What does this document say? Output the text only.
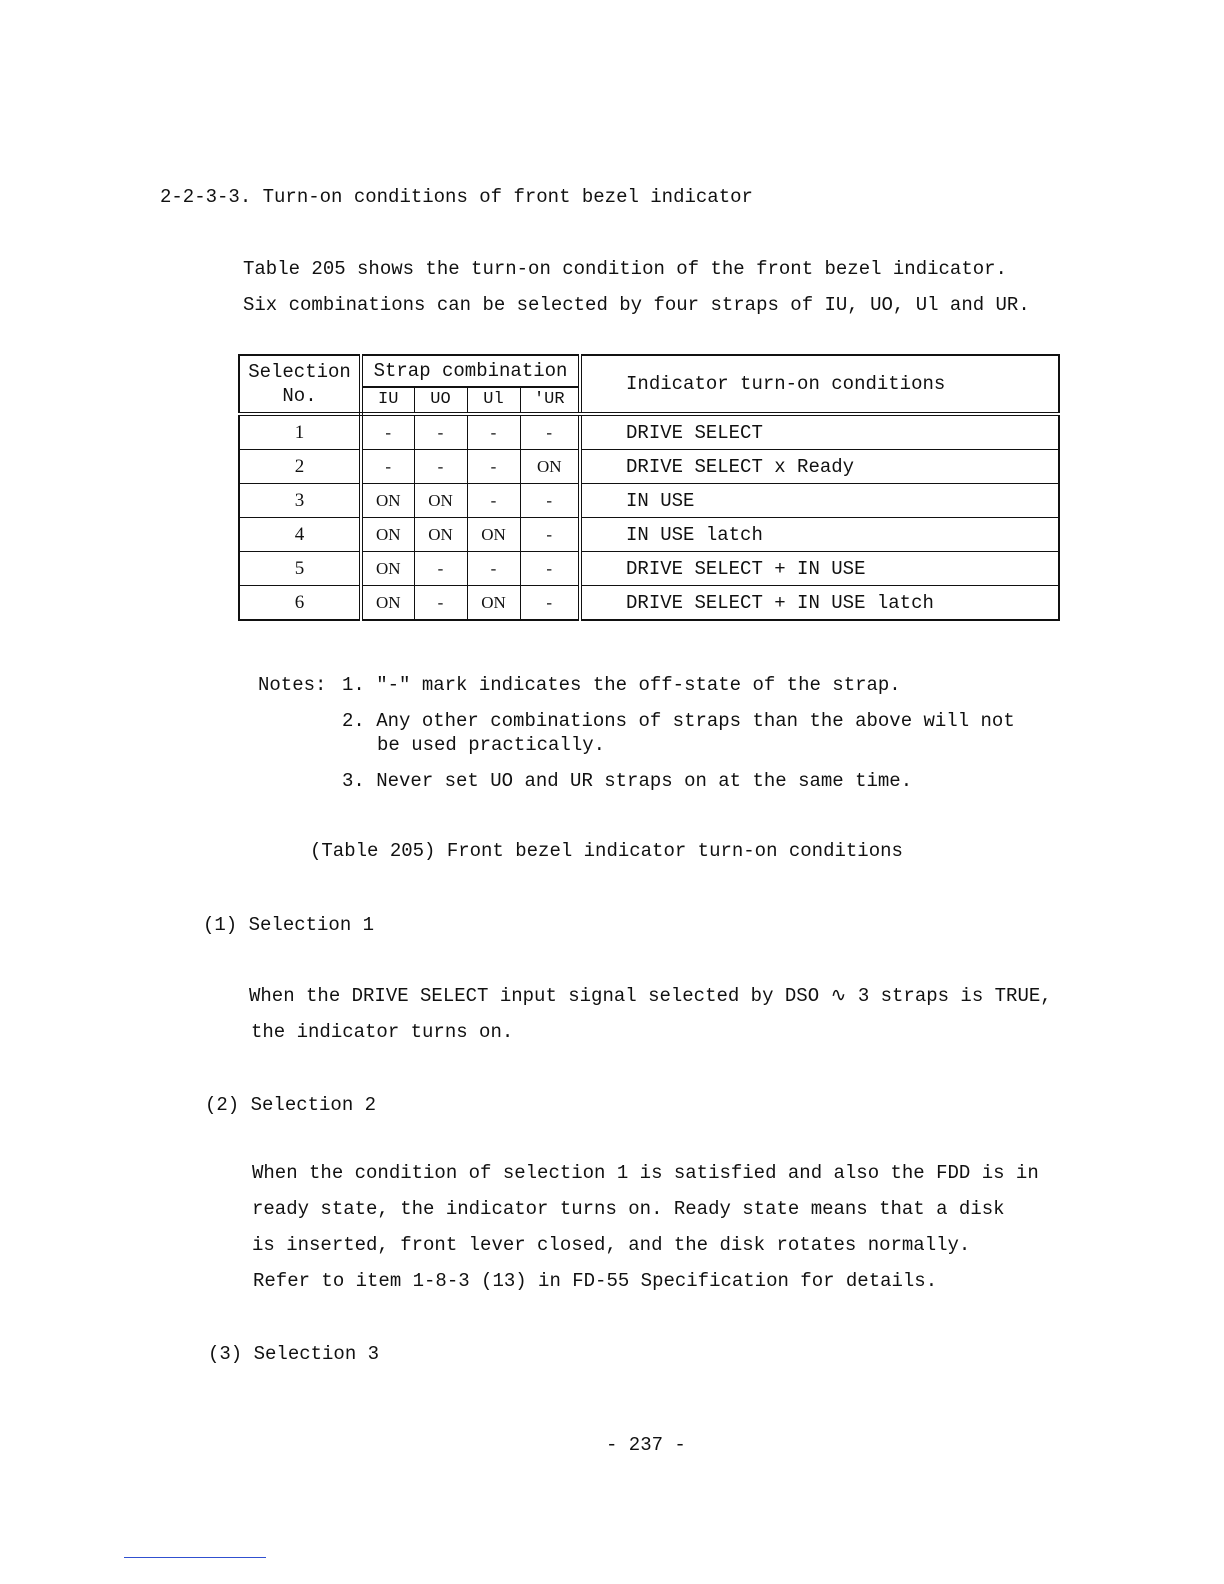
2-2-3-3. Turn-on conditions of front bezel indicator
Table 205 shows the turn-on condition of the front bezel indicator.
Six combinations can be selected by four straps of IU, UO, Ul and UR.
Selection
No.	Strap combination				Indicator turn-on conditions
	IU	UO	Ul	'UR	
1	-	-	-	-	DRIVE SELECT
2	-	-	-	ON	DRIVE SELECT x Ready
3	ON	ON	-	-	IN USE
4	ON	ON	ON	-	IN USE latch
5	ON	-	-	-	DRIVE SELECT + IN USE
6	ON	-	ON	-	DRIVE SELECT + IN USE latch
Notes: 1. "-" mark indicates the off-state of the strap.
2. Any other combinations of straps than the above will not
be used practically.
3. Never set UO and UR straps on at the same time.
(Table 205) Front bezel indicator turn-on conditions
(1) Selection 1
When the DRIVE SELECT input signal selected by DSO ∿ 3 straps is TRUE,
the indicator turns on.
(2) Selection 2
When the condition of selection 1 is satisfied and also the FDD is in
ready state, the indicator turns on. Ready state means that a disk
is inserted, front lever closed, and the disk rotates normally.
Refer to item 1-8-3 (13) in FD-55 Specification for details.
(3) Selection 3
- 237 -
